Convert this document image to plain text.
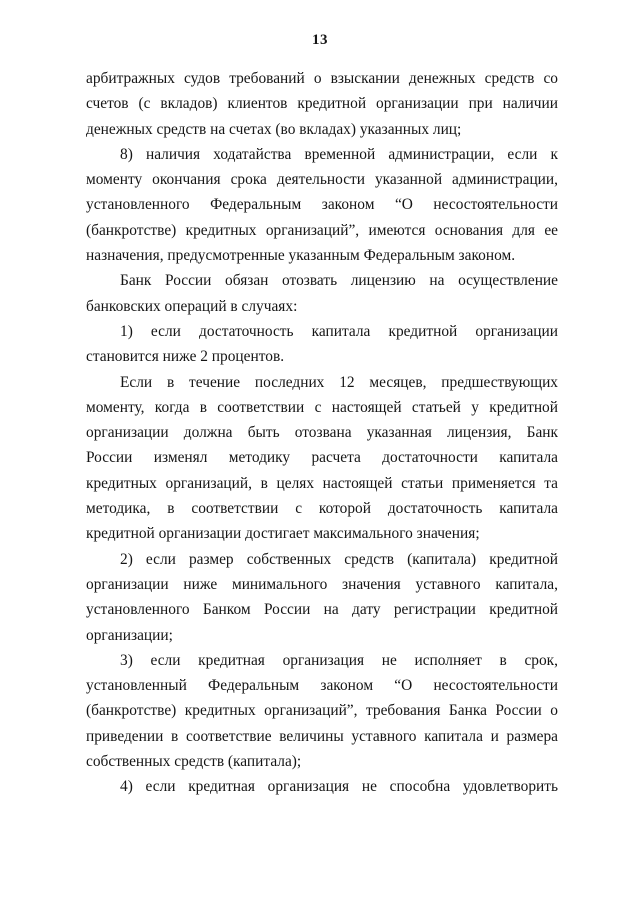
13
арбитражных судов требований о взыскании денежных средств со
счетов (с вкладов) клиентов кредитной организации при наличии
денежных средств на счетах (во вкладах) указанных лиц;
8) наличия ходатайства временной администрации, если к
моменту окончания срока деятельности указанной администрации,
установленного Федеральным законом “О несостоятельности
(банкротстве) кредитных организаций”, имеются основания для ее
назначения, предусмотренные указанным Федеральным законом.
Банк России обязан отозвать лицензию на осуществление
банковских операций в случаях:
1) если достаточность капитала кредитной организации
становится ниже 2 процентов.
Если в течение последних 12 месяцев, предшествующих
моменту, когда в соответствии с настоящей статьей у кредитной
организации должна быть отозвана указанная лицензия, Банк
России изменял методику расчета достаточности капитала
кредитных организаций, в целях настоящей статьи применяется та
методика, в соответствии с которой достаточность капитала
кредитной организации достигает максимального значения;
2) если размер собственных средств (капитала) кредитной
организации ниже минимального значения уставного капитала,
установленного Банком России на дату регистрации кредитной
организации;
3) если кредитная организация не исполняет в срок,
установленный Федеральным законом “О несостоятельности
(банкротстве) кредитных организаций”, требования Банка России о
приведении в соответствие величины уставного капитала и размера
собственных средств (капитала);
4) если кредитная организация не способна удовлетворить
